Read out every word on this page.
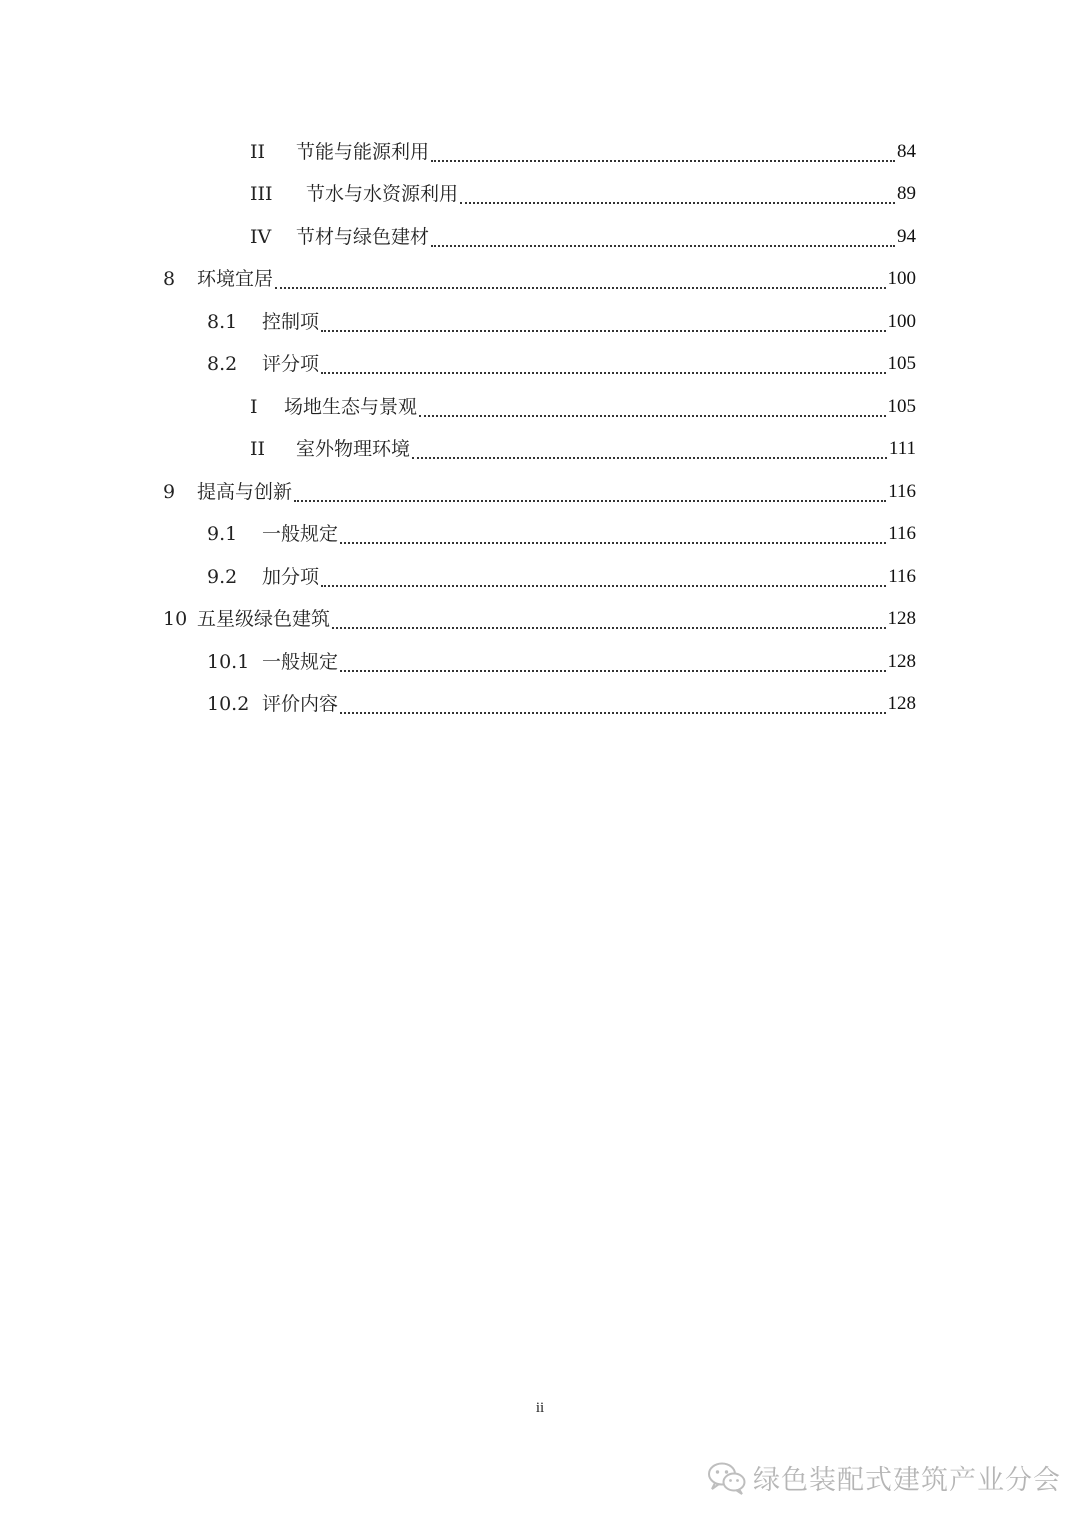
II	节能与能源利用	84
III	节水与水资源利用	89
IV	节材与绿色建材	94
8	环境宜居	100
8.1	控制项	100
8.2	评分项	105
I	场地生态与景观	105
II	室外物理环境	111
9	提高与创新	116
9.1	一般规定	116
9.2	加分项	116
10 五星级绿色建筑	128
10.1 一般规定	128
10.2 评价内容	128
ii
绿色装配式建筑产业分会
